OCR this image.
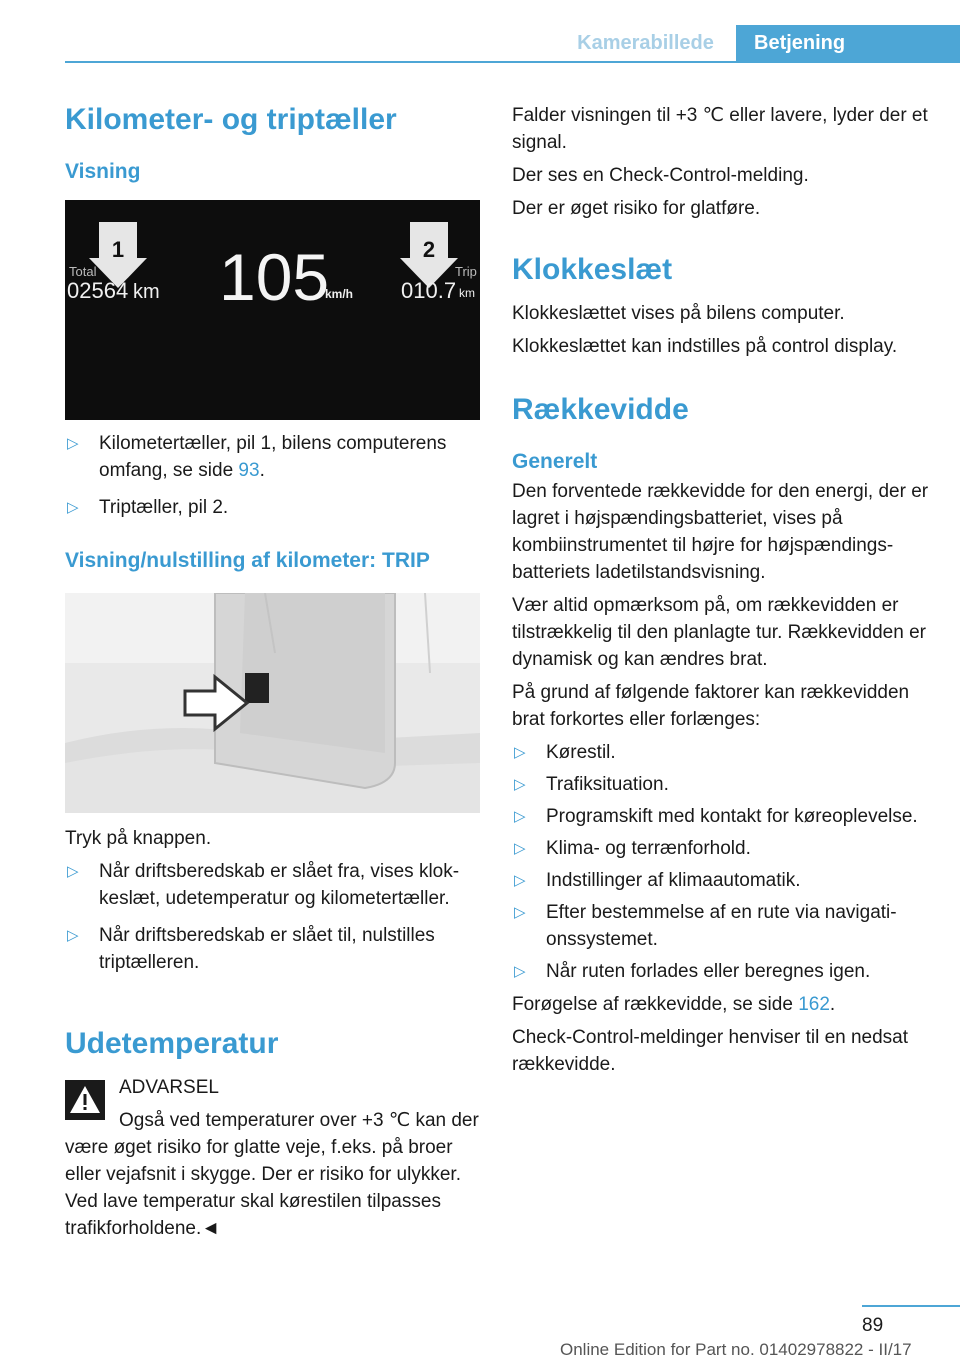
Kamerabillede	Betjening
Kilometer- og triptæller
Visning
1	2
Total
02564 km 105
km/h
Trip
010.7 km
▷ Kilometertæller, pil 1, bilens computerens omfang, se side 93.
▷ Triptæller, pil 2.
Visning/nulstilling af kilometer: TRIP

Tryk på knappen.

▷ Når driftsberedskab er slået fra, vises klokkeslæt, udetemperatur og kilometertæller.
▷ Når driftsberedskab er slået til, nulstilles triptælleren.
Udetemperatur

ADVARSEL

Også ved temperaturer over +3 ℃ kan der være øget risiko for glatte veje, f.eks. på broer eller vejafsnit i skygge. Der er risiko for ulykker. Ved lave temperatur skal kørestilen tilpasses trafikforholdene.◄

Falder visningen til +3 ℃ eller lavere, lyder der et signal.

Der ses en Check-Control-melding.

Der er øget risiko for glatføre.

Klokkeslæt

Klokkeslættet vises på bilens computer.

Klokkeslættet kan indstilles på control display.

Rækkevidde
Generelt

Den forventede rækkevidde for den energi, der er lagret i højspændingsbatteriet, vises på kombiinstrumentet til højre for højspændingsbatteriets ladetilstandsvisning.

Vær altid opmærksom på, om rækkevidden er tilstrækkelig til den planlagte tur. Rækkevidden er dynamisk og kan ændres brat.

På grund af følgende faktorer kan rækkevidden brat forkortes eller forlænges:

▷ Kørestil.
▷ Trafiksituation.
▷ Programskift med kontakt for køreoplevelse.
▷ Klima- og terrænforhold.
▷ Indstillinger af klimaautomatik.
▷ Efter bestemmelse af en rute via navigationssystemet.
▷ Når ruten forlades eller beregnes igen.

Forøgelse af rækkevidde, se side 162.

Check-Control-meldinger henviser til en nedsat rækkevidde.

89
Online Edition for Part no. 01402978822 - II/17
